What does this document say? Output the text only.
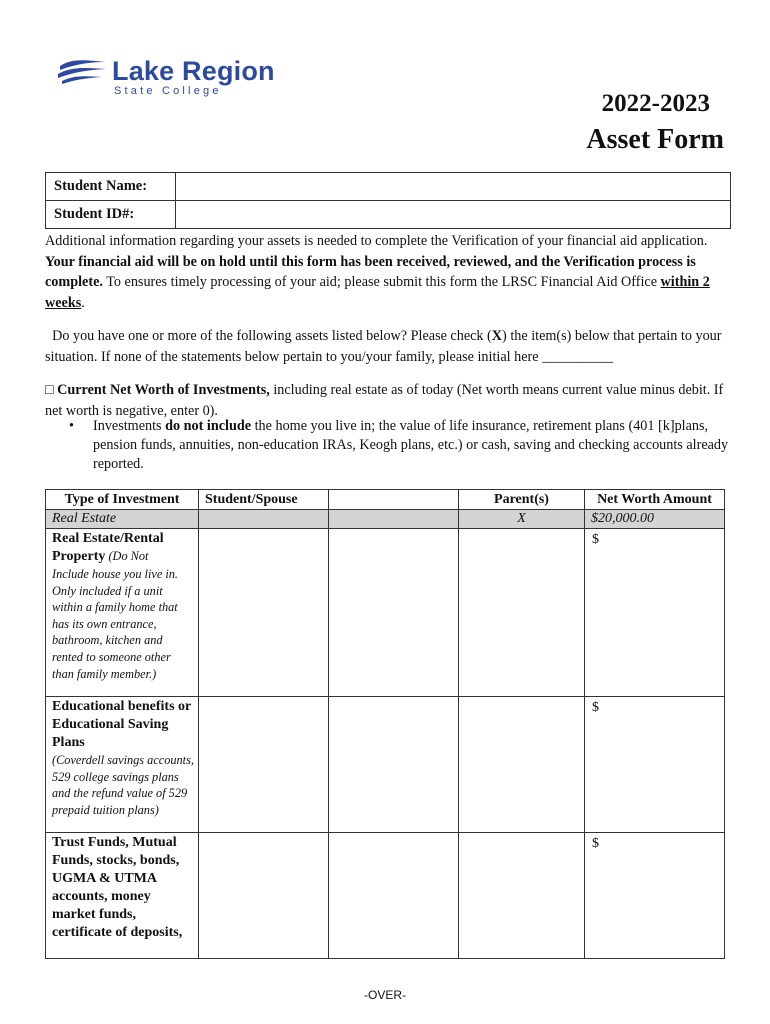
Lake Region
State College	2022-2023
Asset Form
Student Name:	
Student ID#:	
Additional information regarding your assets is needed to complete the Verification of your financial aid application. Your financial aid will be on hold until this form has been received, reviewed, and the Verification process is complete. To ensures timely processing of your aid; please submit this form the LRSC Financial Aid Office within 2 weeks.
Do you have one or more of the following assets listed below? Please check (X) the item(s) below that pertain to your situation. If none of the statements below pertain to you/your family, please initial here __________
□ Current Net Worth of Investments, including real estate as of today (Net worth means current value minus debit. If net worth is negative, enter 0).
• Investments do not include the home you live in; the value of life insurance, retirement plans (401 [k]plans, pension funds, annuities, non-education IRAs, Keogh plans, etc.) or cash, saving and checking accounts already reported.
Type of Investment	Student/Spouse		Parent(s)	Net Worth Amount
Real Estate			X	$20,000.00
Real Estate/Rental Property (Do Not
Include house you live in. Only included if a unit within a family home that has its own entrance, bathroom, kitchen and rented to someone other than family member.)				$

Educational benefits or Educational Saving Plans
(Coverdell savings accounts, 529 college savings plans and the refund value of 529 prepaid tuition plans)				$

Trust Funds, Mutual Funds, stocks, bonds, UGMA & UTMA accounts, money market funds, certificate of deposits,				$
-OVER-
